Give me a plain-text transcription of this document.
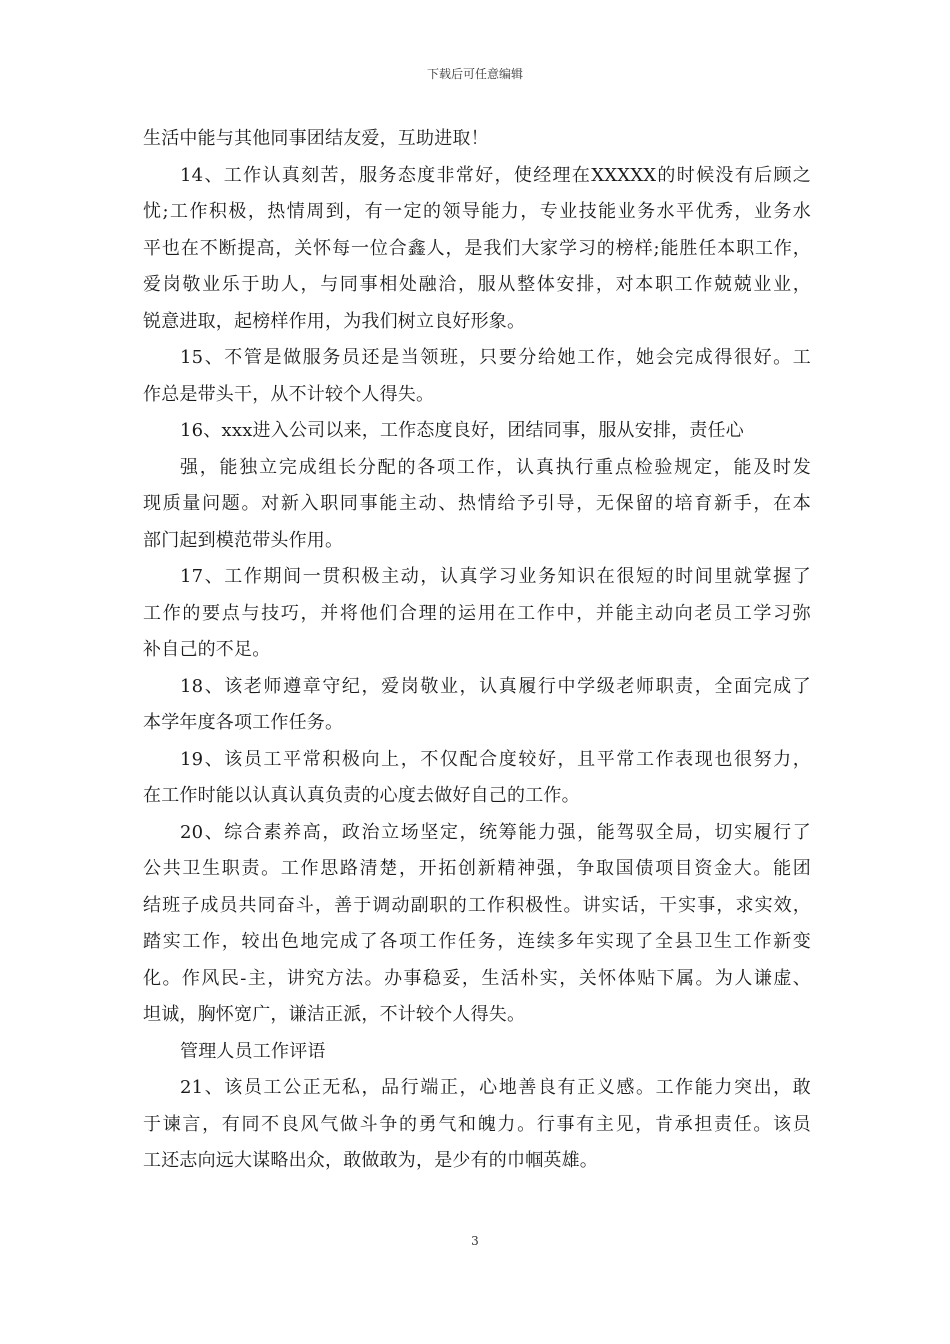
下载后可任意编辑
生活中能与其他同事团结友爱，互助进取！
14、工作认真刻苦，服务态度非常好，使经理在XXXXX的时候没有后顾之
忧;工作积极，热情周到，有一定的领导能力，专业技能业务水平优秀，业务水
平也在不断提高，关怀每一位合鑫人，是我们大家学习的榜样;能胜任本职工作，
爱岗敬业乐于助人，与同事相处融洽，服从整体安排，对本职工作兢兢业业，
锐意进取，起榜样作用，为我们树立良好形象。
15、不管是做服务员还是当领班，只要分给她工作，她会完成得很好。工
作总是带头干，从不计较个人得失。
16、xxx进入公司以来，工作态度良好，团结同事，服从安排，责任心
强，能独立完成组长分配的各项工作，认真执行重点检验规定，能及时发
现质量问题。对新入职同事能主动、热情给予引导，无保留的培育新手，在本
部门起到模范带头作用。
17、工作期间一贯积极主动，认真学习业务知识在很短的时间里就掌握了
工作的要点与技巧，并将他们合理的运用在工作中，并能主动向老员工学习弥
补自己的不足。
18、该老师遵章守纪，爱岗敬业，认真履行中学级老师职责，全面完成了
本学年度各项工作任务。
19、该员工平常积极向上，不仅配合度较好，且平常工作表现也很努力，
在工作时能以认真认真负责的心度去做好自己的工作。
20、综合素养高，政治立场坚定，统筹能力强，能驾驭全局，切实履行了
公共卫生职责。工作思路清楚，开拓创新精神强，争取国债项目资金大。能团
结班子成员共同奋斗，善于调动副职的工作积极性。讲实话，干实事，求实效，
踏实工作，较出色地完成了各项工作任务，连续多年实现了全县卫生工作新变
化。作风民-主，讲究方法。办事稳妥，生活朴实，关怀体贴下属。为人谦虚、
坦诚，胸怀宽广，谦洁正派，不计较个人得失。
管理人员工作评语
21、该员工公正无私，品行端正，心地善良有正义感。工作能力突出，敢
于谏言，有同不良风气做斗争的勇气和魄力。行事有主见，肯承担责任。该员
工还志向远大谋略出众，敢做敢为，是少有的巾帼英雄。
3
